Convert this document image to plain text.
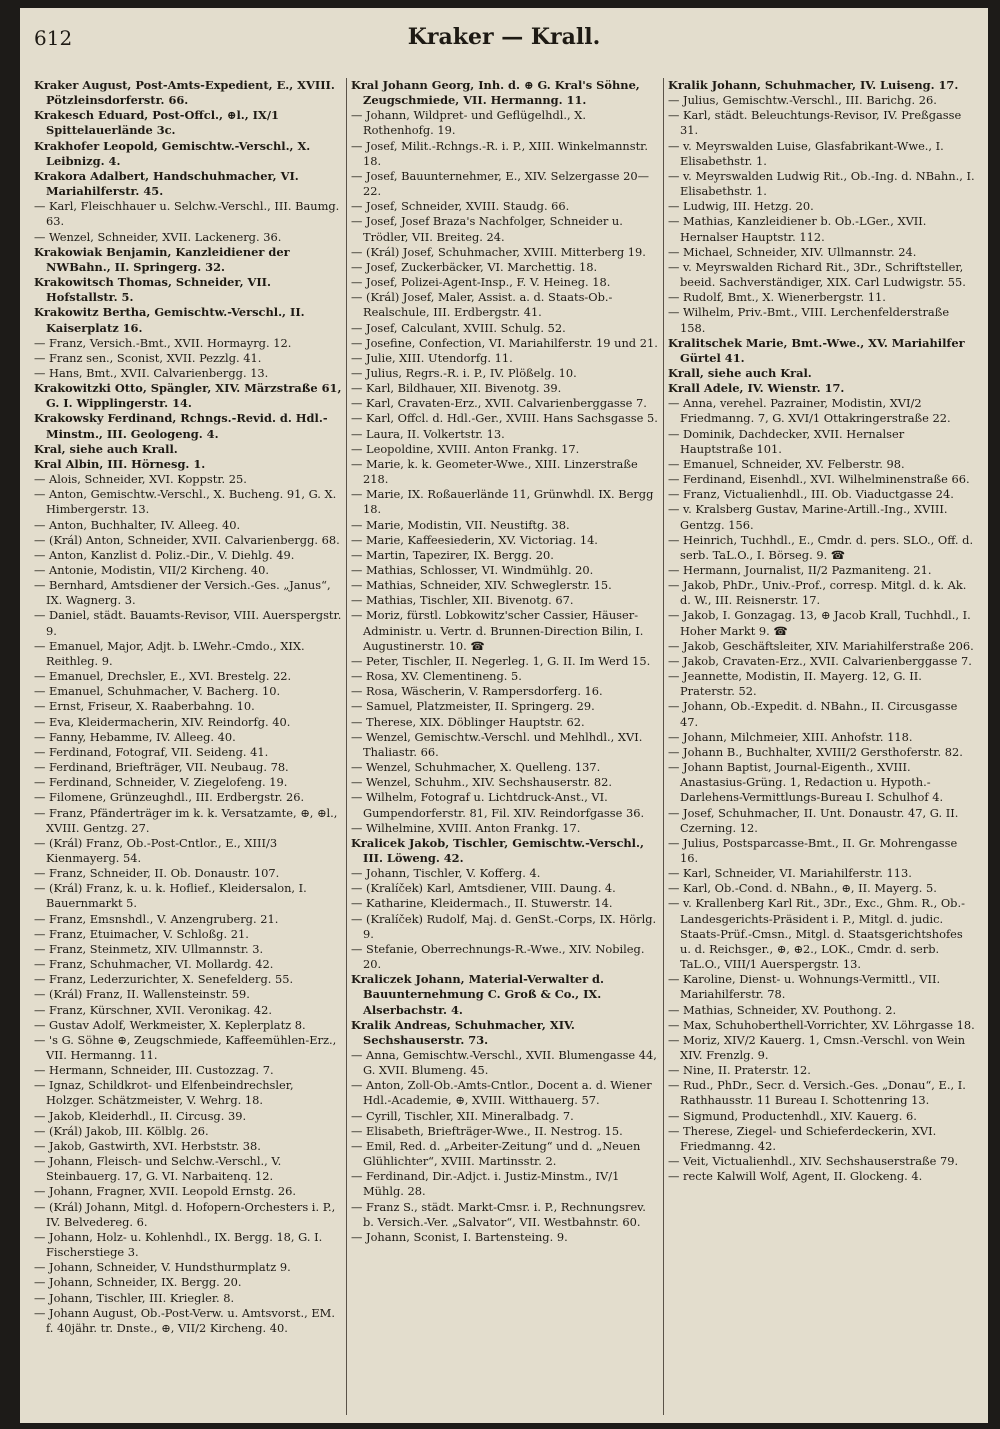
612	Kraker — Krall.
Kraker August, Post-Amts-Expedient, E., XVIII. Pötzleinsdorferstr. 66.
Krakesch Eduard, Post-Offcl., ⊕l., IX/1 Spittelauerlände 3c.
Krakhofer Leopold, Gemischtw.-Verschl., X. Leibnizg. 4.
Krakora Adalbert, Handschuhmacher, VI. Mariahilferstr. 45.
— Karl, Fleischhauer u. Selchw.-Verschl., III. Baumg. 63.
— Wenzel, Schneider, XVII. Lackenerg. 36.
Krakowiak Benjamin, Kanzleidiener der NWBahn., II. Springerg. 32.
Krakowitsch Thomas, Schneider, VII. Hofstallstr. 5.
Krakowitz Bertha, Gemischtw.-Verschl., II. Kaiserplatz 16.
— Franz, Versich.-Bmt., XVII. Hormayrg. 12.
— Franz sen., Sconist, XVII. Pezzlg. 41.
— Hans, Bmt., XVII. Calvarienbergg. 13.
Krakowitzki Otto, Spängler, XIV. Märzstraße 61, G. I. Wipplingerstr. 14.
Krakowsky Ferdinand, Rchngs.-Revid. d. Hdl.-Minstm., III. Geologeng. 4.
Kral, siehe auch Krall.
Kral Albin, III. Hörnesg. 1.
— Alois, Schneider, XVI. Koppstr. 25.
— Anton, Gemischtw.-Verschl., X. Bucheng. 91, G. X. Himbergerstr. 13.
— Anton, Buchhalter, IV. Alleeg. 40.
— (Král) Anton, Schneider, XVII. Calvarienbergg. 68.
— Anton, Kanzlist d. Poliz.-Dir., V. Diehlg. 49.
— Antonie, Modistin, VII/2 Kircheng. 40.
— Bernhard, Amtsdiener der Versich.-Ges. „Janus“, IX. Wagnerg. 3.
— Daniel, städt. Bauamts-Revisor, VIII. Auerspergstr. 9.
— Emanuel, Major, Adjt. b. LWehr.-Cmdo., XIX. Reithleg. 9.
— Emanuel, Drechsler, E., XVI. Brestelg. 22.
— Emanuel, Schuhmacher, V. Bacherg. 10.
— Ernst, Friseur, X. Raaberbahng. 10.
— Eva, Kleidermacherin, XIV. Reindorfg. 40.
— Fanny, Hebamme, IV. Alleeg. 40.
— Ferdinand, Fotograf, VII. Seideng. 41.
— Ferdinand, Briefträger, VII. Neubaug. 78.
— Ferdinand, Schneider, V. Ziegelofeng. 19.
— Filomene, Grünzeughdl., III. Erdbergstr. 26.
— Franz, Pfänderträger im k. k. Versatzamte, ⊕, ⊕l., XVIII. Gentzg. 27.
— (Král) Franz, Ob.-Post-Cntlor., E., XIII/3 Kienmayerg. 54.
— Franz, Schneider, II. Ob. Donaustr. 107.
— (Král) Franz, k. u. k. Hoflief., Kleidersalon, I. Bauernmarkt 5.
— Franz, Emsnshdl., V. Anzengruberg. 21.
— Franz, Etuimacher, V. Schloßg. 21.
— Franz, Steinmetz, XIV. Ullmannstr. 3.
— Franz, Schuhmacher, VI. Mollardg. 42.
— Franz, Lederzurichter, X. Senefelderg. 55.
— (Král) Franz, II. Wallensteinstr. 59.
— Franz, Kürschner, XVII. Veronikag. 42.
— Gustav Adolf, Werkmeister, X. Keplerplatz 8.
— 's G. Söhne ⊕, Zeugschmiede, Kaffeemühlen-Erz., VII. Hermanng. 11.
— Hermann, Schneider, III. Custozzag. 7.
— Ignaz, Schildkrot- und Elfenbeindrechsler, Holzger. Schätzmeister, V. Wehrg. 18.
— Jakob, Kleiderhdl., II. Circusg. 39.
— (Král) Jakob, III. Kölblg. 26.
— Jakob, Gastwirth, XVI. Herbststr. 38.
— Johann, Fleisch- und Selchw.-Verschl., V. Steinbauerg. 17, G. VI. Narbaitenq. 12.
— Johann, Fragner, XVII. Leopold Ernstg. 26.
— (Král) Johann, Mitgl. d. Hofopern-Orchesters i. P., IV. Belvedereg. 6.
— Johann, Holz- u. Kohlenhdl., IX. Bergg. 18, G. I. Fischerstiege 3.
— Johann, Schneider, V. Hundsthurmplatz 9.
— Johann, Schneider, IX. Bergg. 20.
— Johann, Tischler, III. Kriegler. 8.
— Johann August, Ob.-Post-Verw. u. Amtsvorst., EM. f. 40jähr. tr. Dnste., ⊕, VII/2 Kircheng. 40.
Kral Johann Georg, Inh. d. ⊕ G. Kral's Söhne, Zeugschmiede, VII. Hermanng. 11.
— Johann, Wildpret- und Geflügelhdl., X. Rothenhofg. 19.
— Josef, Milit.-Rchngs.-R. i. P., XIII. Winkelmannstr. 18.
— Josef, Bauunternehmer, E., XIV. Selzergasse 20—22.
— Josef, Schneider, XVIII. Staudg. 66.
— Josef, Josef Braza's Nachfolger, Schneider u. Trödler, VII. Breiteg. 24.
— (Král) Josef, Schuhmacher, XVIII. Mitterberg 19.
— Josef, Zuckerbäcker, VI. Marchettig. 18.
— Josef, Polizei-Agent-Insp., F. V. Heineg. 18.
— (Král) Josef, Maler, Assist. a. d. Staats-Ob.-Realschule, III. Erdbergstr. 41.
— Josef, Calculant, XVIII. Schulg. 52.
— Josefine, Confection, VI. Mariahilferstr. 19 und 21.
— Julie, XIII. Utendorfg. 11.
— Julius, Regrs.-R. i. P., IV. Plößelg. 10.
— Karl, Bildhauer, XII. Bivenotg. 39.
— Karl, Cravaten-Erz., XVII. Calvarienberggasse 7.
— Karl, Offcl. d. Hdl.-Ger., XVIII. Hans Sachsgasse 5.
— Laura, II. Volkertstr. 13.
— Leopoldine, XVIII. Anton Frankg. 17.
— Marie, k. k. Geometer-Wwe., XIII. Linzerstraße 218.
— Marie, IX. Roßauerlände 11, Grünwhdl. IX. Bergg 18.
— Marie, Modistin, VII. Neustiftg. 38.
— Marie, Kaffeesiederin, XV. Victoriag. 14.
— Martin, Tapezirer, IX. Bergg. 20.
— Mathias, Schlosser, VI. Windmühlg. 20.
— Mathias, Schneider, XIV. Schweglerstr. 15.
— Mathias, Tischler, XII. Bivenotg. 67.
— Moriz, fürstl. Lobkowitz'scher Cassier, Häuser-Administr. u. Vertr. d. Brunnen-Direction Bilin, I. Augustinerstr. 10. ☎
— Peter, Tischler, II. Negerleg. 1, G. II. Im Werd 15.
— Rosa, XV. Clementineng. 5.
— Rosa, Wäscherin, V. Rampersdorferg. 16.
— Samuel, Platzmeister, II. Springerg. 29.
— Therese, XIX. Döblinger Hauptstr. 62.
— Wenzel, Gemischtw.-Verschl. und Mehlhdl., XVI. Thaliastr. 66.
— Wenzel, Schuhmacher, X. Quelleng. 137.
— Wenzel, Schuhm., XIV. Sechshauserstr. 82.
— Wilhelm, Fotograf u. Lichtdruck-Anst., VI. Gumpendorferstr. 81, Fil. XIV. Reindorfgasse 36.
— Wilhelmine, XVIII. Anton Frankg. 17.
Kralicek Jakob, Tischler, Gemischtw.-Verschl., III. Löweng. 42.
— Johann, Tischler, V. Kofferg. 4.
— (Kralíček) Karl, Amtsdiener, VIII. Daung. 4.
— Katharine, Kleidermach., II. Stuwerstr. 14.
— (Kralíček) Rudolf, Maj. d. GenSt.-Corps, IX. Hörlg. 9.
— Stefanie, Oberrechnungs-R.-Wwe., XIV. Nobileg. 20.
Kraliczek Johann, Material-Verwalter d. Bauunternehmung C. Groß & Co., IX. Alserbachstr. 4.
Kralik Andreas, Schuhmacher, XIV. Sechshauserstr. 73.
— Anna, Gemischtw.-Verschl., XVII. Blumengasse 44, G. XVII. Blumeng. 45.
— Anton, Zoll-Ob.-Amts-Cntlor., Docent a. d. Wiener Hdl.-Academie, ⊕, XVIII. Witthauerg. 57.
— Cyrill, Tischler, XII. Mineralbadg. 7.
— Elisabeth, Briefträger-Wwe., II. Nestrog. 15.
— Emil, Red. d. „Arbeiter-Zeitung“ und d. „Neuen Glühlichter“, XVIII. Martinsstr. 2.
— Ferdinand, Dir.-Adjct. i. Justiz-Minstm., IV/1 Mühlg. 28.
— Franz S., städt. Markt-Cmsr. i. P., Rechnungsrev. b. Versich.-Ver. „Salvator“, VII. Westbahnstr. 60.
— Johann, Sconist, I. Bartensteing. 9.
Kralik Johann, Schuhmacher, IV. Luiseng. 17.
— Julius, Gemischtw.-Verschl., III. Barichg. 26.
— Karl, städt. Beleuchtungs-Revisor, IV. Preßgasse 31.
— v. Meyrswalden Luise, Glasfabrikant-Wwe., I. Elisabethstr. 1.
— v. Meyrswalden Ludwig Rit., Ob.-Ing. d. NBahn., I. Elisabethstr. 1.
— Ludwig, III. Hetzg. 20.
— Mathias, Kanzleidiener b. Ob.-LGer., XVII. Hernalser Hauptstr. 112.
— Michael, Schneider, XIV. Ullmannstr. 24.
— v. Meyrswalden Richard Rit., 3Dr., Schriftsteller, beeid. Sachverständiger, XIX. Carl Ludwigstr. 55.
— Rudolf, Bmt., X. Wienerbergstr. 11.
— Wilhelm, Priv.-Bmt., VIII. Lerchenfelderstraße 158.
Kralitschek Marie, Bmt.-Wwe., XV. Mariahilfer Gürtel 41.
Krall, siehe auch Kral.
Krall Adele, IV. Wienstr. 17.
— Anna, verehel. Pazrainer, Modistin, XVI/2 Friedmanng. 7, G. XVI/1 Ottakringerstraße 22.
— Dominik, Dachdecker, XVII. Hernalser Hauptstraße 101.
— Emanuel, Schneider, XV. Felberstr. 98.
— Ferdinand, Eisenhdl., XVI. Wilhelminenstraße 66.
— Franz, Victualienhdl., III. Ob. Viaductgasse 24.
— v. Kralsberg Gustav, Marine-Artill.-Ing., XVIII. Gentzg. 156.
— Heinrich, Tuchhdl., E., Cmdr. d. pers. SLO., Off. d. serb. TaL.O., I. Börseg. 9. ☎
— Hermann, Journalist, II/2 Pazmaniteng. 21.
— Jakob, PhDr., Univ.-Prof., corresp. Mitgl. d. k. Ak. d. W., III. Reisnerstr. 17.
— Jakob, I. Gonzagag. 13, ⊕ Jacob Krall, Tuchhdl., I. Hoher Markt 9. ☎
— Jakob, Geschäftsleiter, XIV. Mariahilferstraße 206.
— Jakob, Cravaten-Erz., XVII. Calvarienberggasse 7.
— Jeannette, Modistin, II. Mayerg. 12, G. II. Praterstr. 52.
— Johann, Ob.-Expedit. d. NBahn., II. Circusgasse 47.
— Johann, Milchmeier, XIII. Anhofstr. 118.
— Johann B., Buchhalter, XVIII/2 Gersthoferstr. 82.
— Johann Baptist, Journal-Eigenth., XVIII. Anastasius-Grüng. 1, Redaction u. Hypoth.-Darlehens-Vermittlungs-Bureau I. Schulhof 4.
— Josef, Schuhmacher, II. Unt. Donaustr. 47, G. II. Czerning. 12.
— Julius, Postsparcasse-Bmt., II. Gr. Mohrengasse 16.
— Karl, Schneider, VI. Mariahilferstr. 113.
— Karl, Ob.-Cond. d. NBahn., ⊕, II. Mayerg. 5.
— v. Krallenberg Karl Rit., 3Dr., Exc., Ghm. R., Ob.-Landesgerichts-Präsident i. P., Mitgl. d. judic. Staats-Prüf.-Cmsn., Mitgl. d. Staatsgerichtshofes u. d. Reichsger., ⊕, ⊕2., LOK., Cmdr. d. serb. TaL.O., VIII/1 Auerspergstr. 13.
— Karoline, Dienst- u. Wohnungs-Vermittl., VII. Mariahilferstr. 78.
— Mathias, Schneider, XV. Pouthong. 2.
— Max, Schuhoberthell-Vorrichter, XV. Löhrgasse 18.
— Moriz, XIV/2 Kauerg. 1, Cmsn.-Verschl. von Wein XIV. Frenzlg. 9.
— Nine, II. Praterstr. 12.
— Rud., PhDr., Secr. d. Versich.-Ges. „Donau“, E., I. Rathhausstr. 11 Bureau I. Schottenring 13.
— Sigmund, Productenhdl., XIV. Kauerg. 6.
— Therese, Ziegel- und Schieferdeckerin, XVI. Friedmanng. 42.
— Veit, Victualienhdl., XIV. Sechshauserstraße 79.
— recte Kalwill Wolf, Agent, II. Glockeng. 4.
